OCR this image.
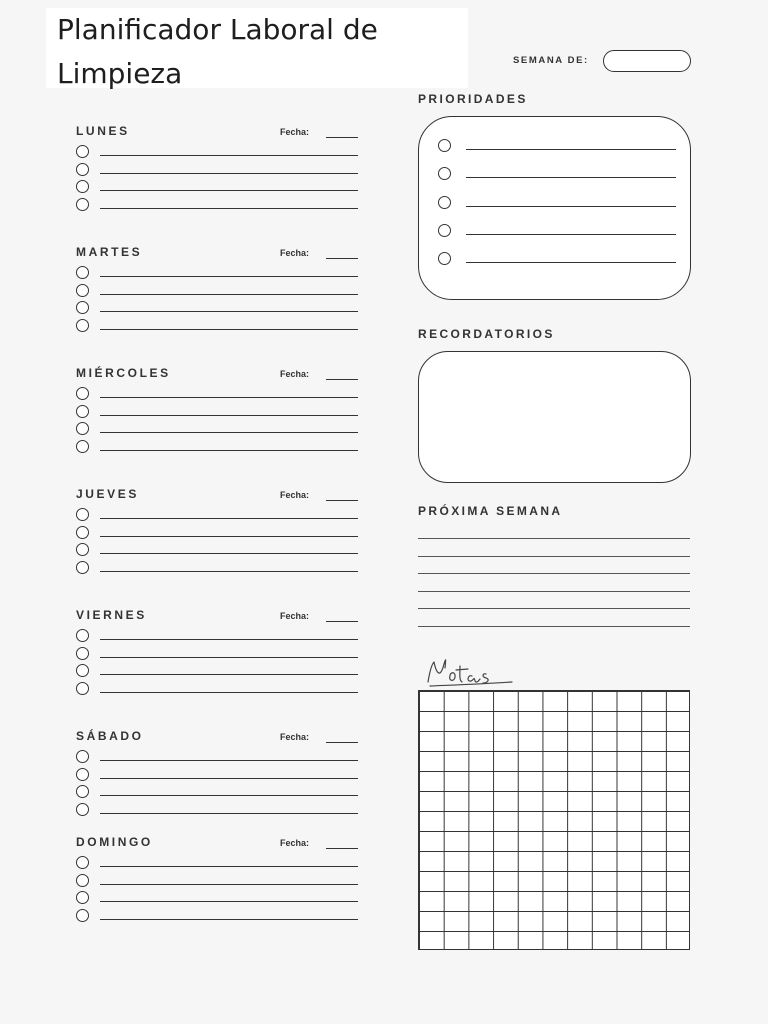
Planificador Laboral de Limpieza	SEMANA DE:
LUNES	Fecha:
MARTES	Fecha:
MIÉRCOLES	Fecha:
JUEVES	Fecha:
VIERNES	Fecha:
SÁBADO	Fecha:
DOMINGO	Fecha:
PRIORIDADES
RECORDATORIOS
PRÓXIMA SEMANA
